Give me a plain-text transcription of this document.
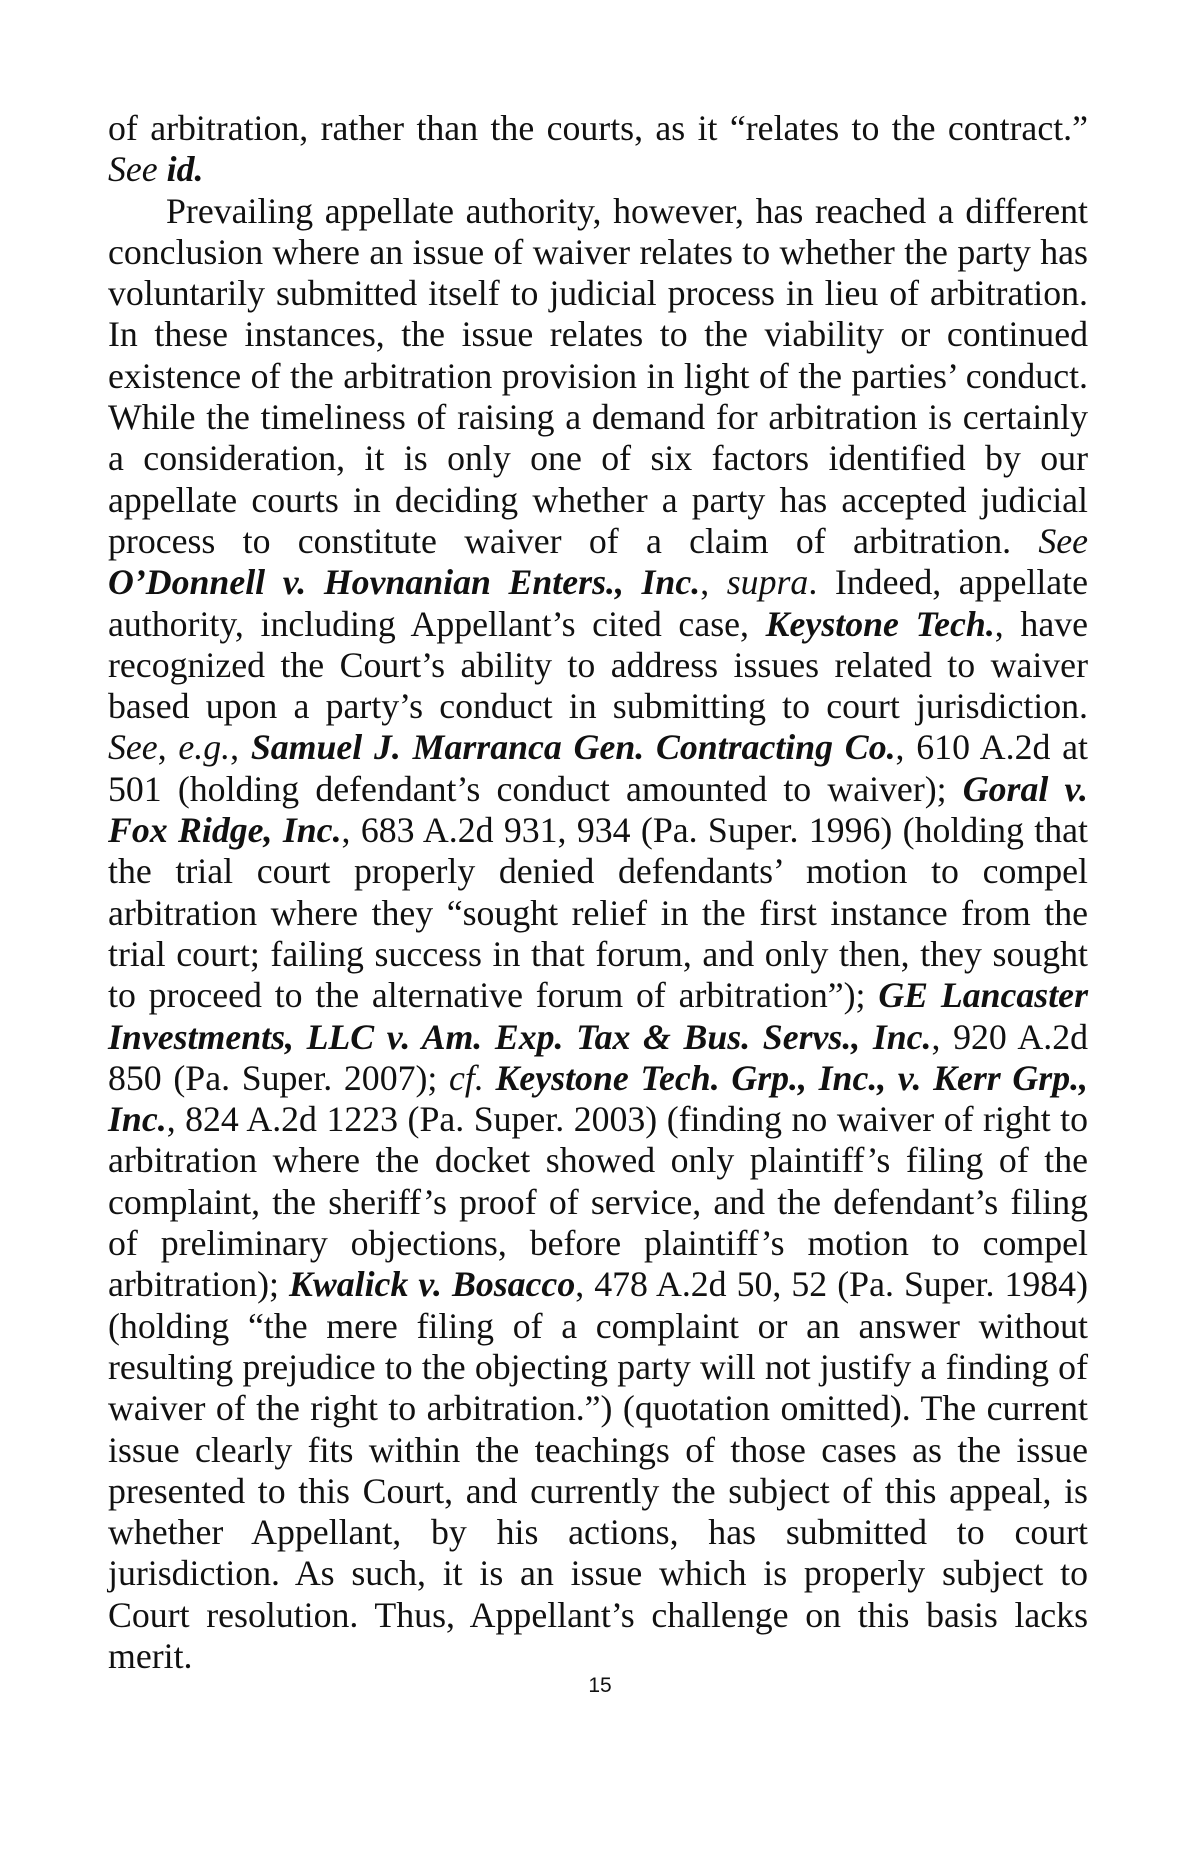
of arbitration, rather than the courts, as it “relates to the contract.” See id.

Prevailing appellate authority, however, has reached a different conclusion where an issue of waiver relates to whether the party has voluntarily submitted itself to judicial process in lieu of arbitration. In these instances, the issue relates to the viability or continued existence of the arbitration provision in light of the parties’ conduct. While the timeliness of raising a demand for arbitration is certainly a consideration, it is only one of six factors identified by our appellate courts in deciding whether a party has accepted judicial process to constitute waiver of a claim of arbitration. See O’Donnell v. Hovnanian Enters., Inc., supra. Indeed, appellate authority, including Appellant’s cited case, Keystone Tech., have recognized the Court’s ability to address issues related to waiver based upon a party’s conduct in submitting to court jurisdiction. See, e.g., Samuel J. Marranca Gen. Contracting Co., 610 A.2d at 501 (holding defendant’s conduct amounted to waiver); Goral v. Fox Ridge, Inc., 683 A.2d 931, 934 (Pa. Super. 1996) (holding that the trial court properly denied defendants’ motion to compel arbitration where they “sought relief in the first instance from the trial court; failing success in that forum, and only then, they sought to proceed to the alternative forum of arbitration”); GE Lancaster Investments, LLC v. Am. Exp. Tax & Bus. Servs., Inc., 920 A.2d 850 (Pa. Super. 2007); cf. Keystone Tech. Grp., Inc., v. Kerr Grp., Inc., 824 A.2d 1223 (Pa. Super. 2003) (finding no waiver of right to arbitration where the docket showed only plaintiff’s filing of the complaint, the sheriff’s proof of service, and the defendant’s filing of preliminary objections, before plaintiff’s motion to compel arbitration); Kwalick v. Bosacco, 478 A.2d 50, 52 (Pa. Super. 1984) (holding “the mere filing of a complaint or an answer without resulting prejudice to the objecting party will not justify a finding of waiver of the right to arbitration.”) (quotation omitted). The current issue clearly fits within the teachings of those cases as the issue presented to this Court, and currently the subject of this appeal, is whether Appellant, by his actions, has submitted to court jurisdiction. As such, it is an issue which is properly subject to Court resolution. Thus, Appellant’s challenge on this basis lacks merit.

15
